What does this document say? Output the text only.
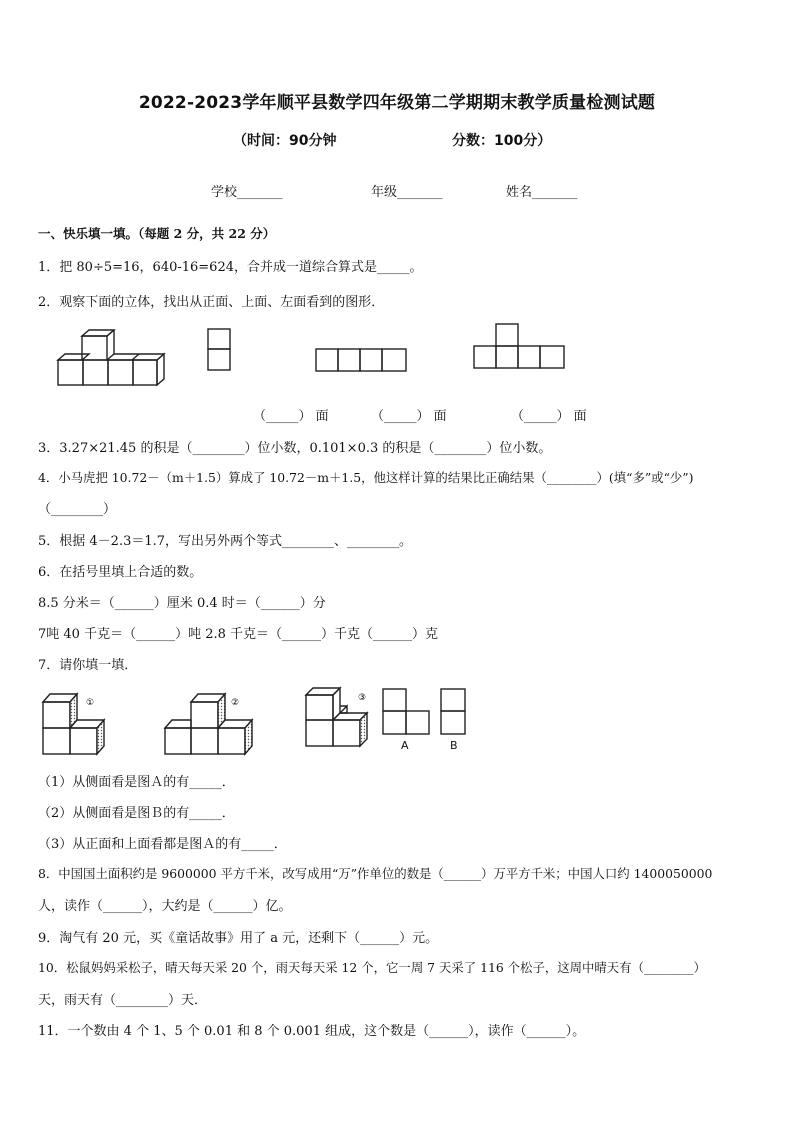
2022-2023学年顺平县数学四年级第二学期期末教学质量检测试题
（时间：90分钟	分数：100分）
学校_______	年级_______	姓名_______
一、快乐填一填。（每题 2 分，共 22 分）
1．把 80÷5=16，640-16=624，合并成一道综合算式是_____。
2．观察下面的立体，找出从正面、上面、左面看到的图形．
（_____） 面	（_____） 面	（_____） 面
3．3.27×21.45 的积是（________）位小数，0.101×0.3 的积是（________）位小数。
4．小马虎把 10.72－（m＋1.5）算成了 10.72－m＋1.5，他这样计算的结果比正确结果（________）(填“多”或“少”)
（________）
5．根据 4－2.3＝1.7，写出另外两个等式________、________。
6．在括号里填上合适的数。
8.5 分米＝（______）厘米 0.4 时＝（______）分
7吨 40 千克＝（______）吨 2.8 千克＝（______）千克（______）克
7．请你填一填．
①	②	③
A	B
（1）从侧面看是图Ａ的有_____．
（2）从侧面看是图Ｂ的有_____．
（3）从正面和上面看都是图Ａ的有_____．
8．中国国土面积约是 9600000 平方千米，改写成用“万”作单位的数是（______）万平方千米；中国人口约 1400050000
人，读作（______），大约是（______）亿。
9．淘气有 20 元，买《童话故事》用了 a 元，还剩下（______）元。
10．松鼠妈妈采松子，晴天每天采 20 个，雨天每天采 12 个，它一周 7 天采了 116 个松子，这周中晴天有（________）
天，雨天有（________）天．
11．一个数由 4 个 1、5 个 0.01 和 8 个 0.001 组成，这个数是（______），读作（______）。
